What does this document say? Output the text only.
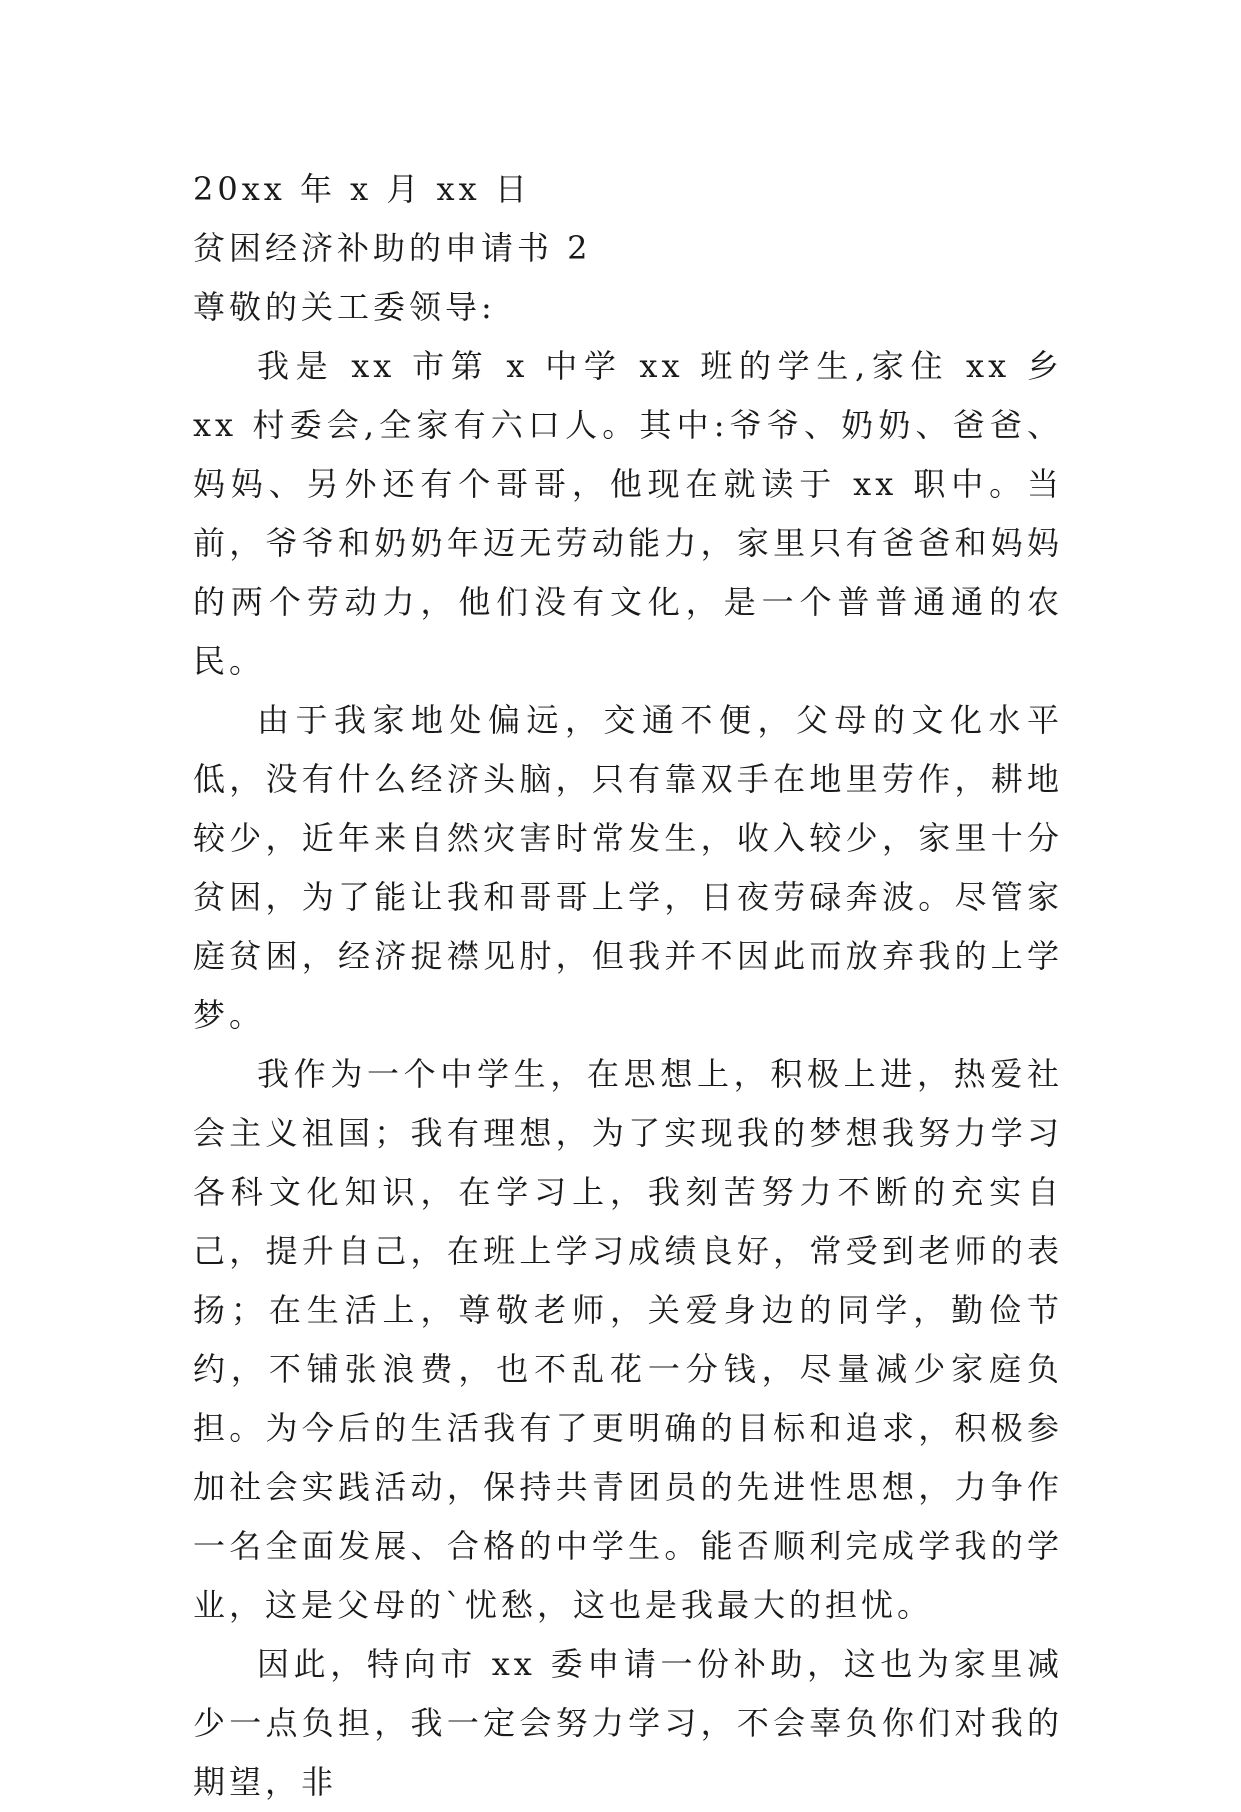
20xx 年 x 月 xx 日

贫困经济补助的申请书 2

尊敬的关工委领导:

我是 xx 市第 x 中学 xx 班的学生,家住 xx 乡 xx 村委会,全家有六口人。其中:爷爷、奶奶、爸爸、妈妈、另外还有个哥哥，他现在就读于 xx 职中。当前，爷爷和奶奶年迈无劳动能力，家里只有爸爸和妈妈的两个劳动力，他们没有文化，是一个普普通通的农民。

由于我家地处偏远，交通不便，父母的文化水平低，没有什么经济头脑，只有靠双手在地里劳作，耕地较少，近年来自然灾害时常发生，收入较少，家里十分贫困，为了能让我和哥哥上学，日夜劳碌奔波。尽管家庭贫困，经济捉襟见肘，但我并不因此而放弃我的上学梦。

我作为一个中学生，在思想上，积极上进，热爱社会主义祖国；我有理想，为了实现我的梦想我努力学习各科文化知识，在学习上，我刻苦努力不断的充实自己，提升自己，在班上学习成绩良好，常受到老师的表扬；在生活上，尊敬老师，关爱身边的同学，勤俭节约，不铺张浪费，也不乱花一分钱，尽量减少家庭负担。为今后的生活我有了更明确的目标和追求，积极参加社会实践活动，保持共青团员的先进性思想，力争作一名全面发展、合格的中学生。能否顺利完成学我的学业，这是父母的`忧愁，这也是我最大的担忧。

因此，特向市 xx 委申请一份补助，这也为家里减少一点负担，我一定会努力学习，不会辜负你们对我的期望，非
